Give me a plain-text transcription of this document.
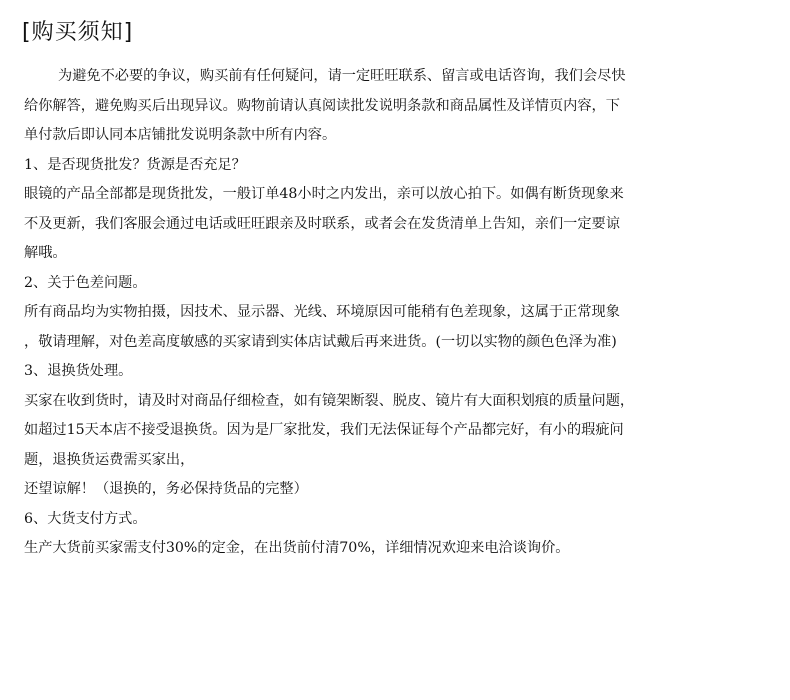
[购买须知]
为避免不必要的争议，购买前有任何疑问，请一定旺旺联系、留言或电话咨询，我们会尽快
给你解答，避免购买后出现异议。购物前请认真阅读批发说明条款和商品属性及详情页内容，下
单付款后即认同本店铺批发说明条款中所有内容。
1、是否现货批发？货源是否充足？
眼镜的产品全部都是现货批发，一般订单48小时之内发出，亲可以放心拍下。如偶有断货现象来
不及更新，我们客服会通过电话或旺旺跟亲及时联系，或者会在发货清单上告知，亲们一定要谅
解哦。
2、关于色差问题。
所有商品均为实物拍摄，因技术、显示器、光线、环境原因可能稍有色差现象，这属于正常现象
，敬请理解，对色差高度敏感的买家请到实体店试戴后再来进货。(一切以实物的颜色色泽为准)
3、退换货处理。
买家在收到货时，请及时对商品仔细检查，如有镜架断裂、脱皮、镜片有大面积划痕的质量问题，
如超过15天本店不接受退换货。因为是厂家批发，我们无法保证每个产品都完好，有小的瑕疵问
题，退换货运费需买家出，
还望谅解！（退换的，务必保持货品的完整）
6、大货支付方式。
生产大货前买家需支付30%的定金，在出货前付清70%，详细情况欢迎来电洽谈询价。
